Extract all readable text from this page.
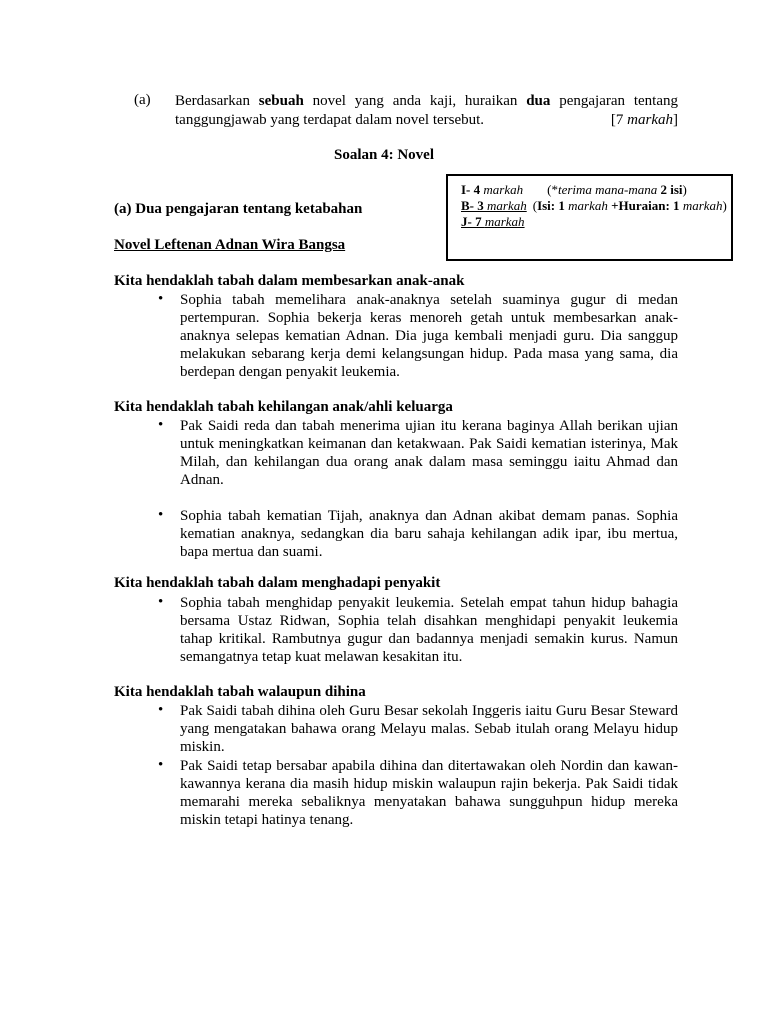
(a) Berdasarkan sebuah novel yang anda kaji, huraikan dua pengajaran tentang tanggungjawab yang terdapat dalam novel tersebut.	[7 markah]
Soalan 4: Novel
I- 4 markah (*terima mana-mana 2 isi)
B- 3 markah (Isi: 1 markah +Huraian: 1 markah)
J- 7 markah
(a) Dua pengajaran tentang ketabahan
Novel Leftenan Adnan Wira Bangsa
Kita hendaklah tabah dalam membesarkan anak-anak
• Sophia tabah memelihara anak-anaknya setelah suaminya gugur di medan pertempuran. Sophia bekerja keras menoreh getah untuk membesarkan anak-anaknya selepas kematian Adnan. Dia juga kembali menjadi guru. Dia sanggup melakukan sebarang kerja demi kelangsungan hidup. Pada masa yang sama, dia berdepan dengan penyakit leukemia.
Kita hendaklah tabah kehilangan anak/ahli keluarga
• Pak Saidi reda dan tabah menerima ujian itu kerana baginya Allah berikan ujian untuk meningkatkan keimanan dan ketakwaan. Pak Saidi kematian isterinya, Mak Milah, dan kehilangan dua orang anak dalam masa seminggu iaitu Ahmad dan Adnan.
• Sophia tabah kematian Tijah, anaknya dan Adnan akibat demam panas. Sophia kematian anaknya, sedangkan dia baru sahaja kehilangan adik ipar, ibu mertua, bapa mertua dan suami.
Kita hendaklah tabah dalam menghadapi penyakit
• Sophia tabah menghidap penyakit leukemia. Setelah empat tahun hidup bahagia bersama Ustaz Ridwan, Sophia telah disahkan menghidapi penyakit leukemia tahap kritikal. Rambutnya gugur dan badannya menjadi semakin kurus. Namun semangatnya tetap kuat melawan kesakitan itu.
Kita hendaklah tabah walaupun dihina
• Pak Saidi tabah dihina oleh Guru Besar sekolah Inggeris iaitu Guru Besar Steward yang mengatakan bahawa orang Melayu malas. Sebab itulah orang Melayu hidup miskin.
• Pak Saidi tetap bersabar apabila dihina dan ditertawakan oleh Nordin dan kawan-kawannya kerana dia masih hidup miskin walaupun rajin bekerja. Pak Saidi tidak memarahi mereka sebaliknya menyatakan bahawa sungguhpun hidup mereka miskin tetapi hatinya tenang.
